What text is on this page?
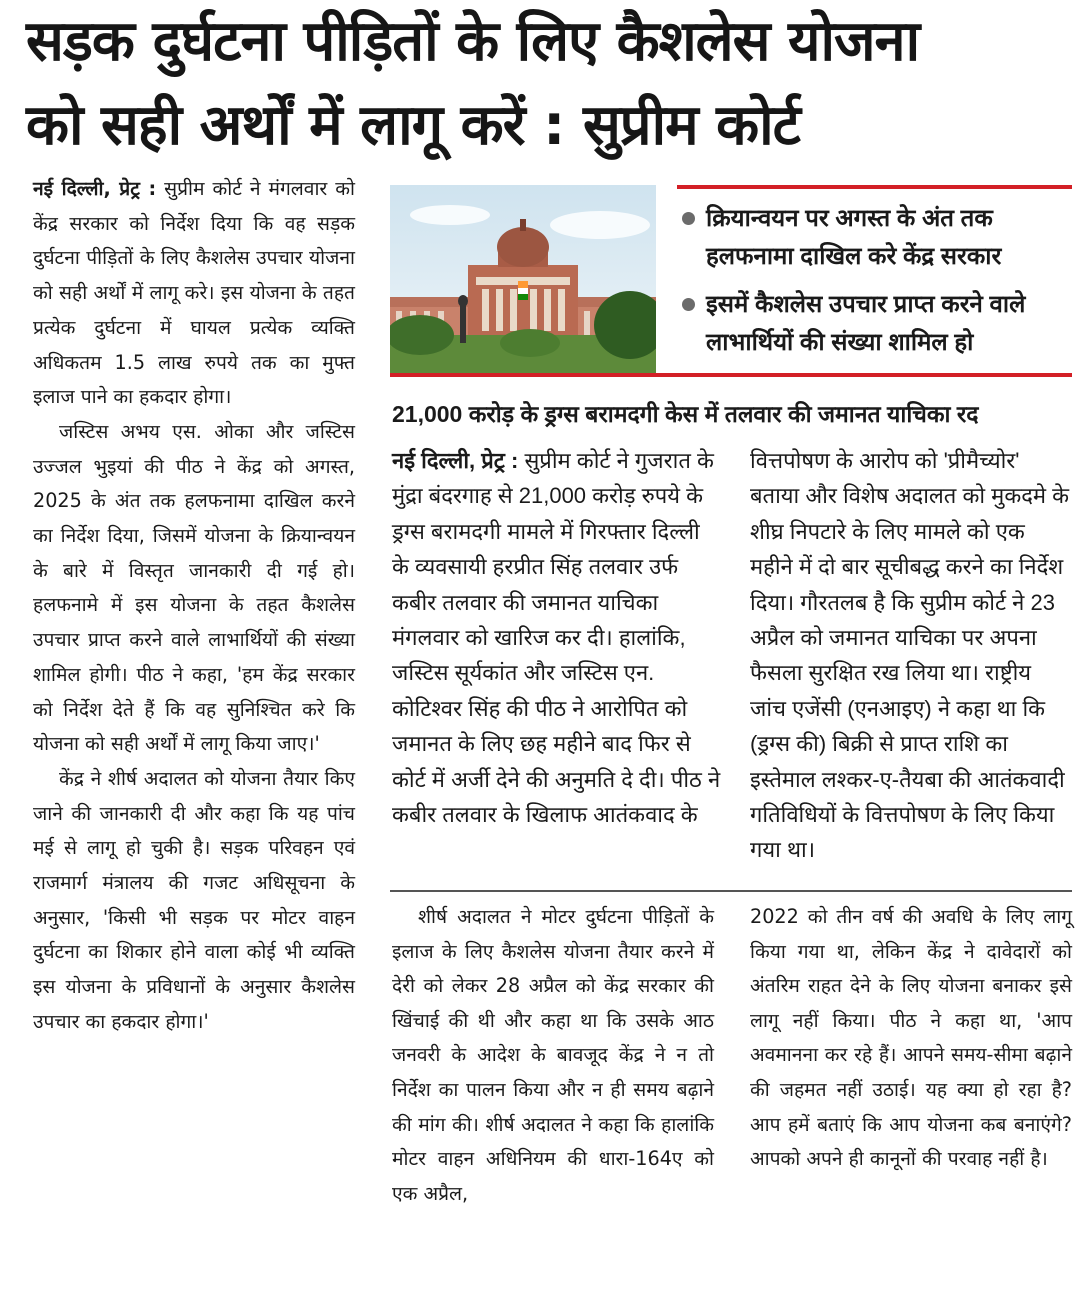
सड़क दुर्घटना पीड़ितों के लिए कैशलेस योजना
को सही अर्थों में लागू करें : सुप्रीम कोर्ट

नई दिल्ली, प्रेट्र : सुप्रीम कोर्ट ने मंगलवार को केंद्र सरकार को निर्देश दिया कि वह सड़क दुर्घटना पीड़ितों के लिए कैशलेस उपचार योजना को सही अर्थों में लागू करे। इस योजना के तहत प्रत्येक दुर्घटना में घायल प्रत्येक व्यक्ति अधिकतम 1.5 लाख रुपये तक का मुफ्त इलाज पाने का हकदार होगा।

जस्टिस अभय एस. ओका और जस्टिस उज्जल भुइयां की पीठ ने केंद्र को अगस्त, 2025 के अंत तक हलफनामा दाखिल करने का निर्देश दिया, जिसमें योजना के क्रियान्वयन के बारे में विस्तृत जानकारी दी गई हो। हलफनामे में इस योजना के तहत कैशलेस उपचार प्राप्त करने वाले लाभार्थियों की संख्या शामिल होगी। पीठ ने कहा, 'हम केंद्र सरकार को निर्देश देते हैं कि वह सुनिश्चित करे कि योजना को सही अर्थों में लागू किया जाए।'

केंद्र ने शीर्ष अदालत को योजना तैयार किए जाने की जानकारी दी और कहा कि यह पांच मई से लागू हो चुकी है। सड़क परिवहन एवं राजमार्ग मंत्रालय की गजट अधिसूचना के अनुसार, 'किसी भी सड़क पर मोटर वाहन दुर्घटना का शिकार होने वाला कोई भी व्यक्ति इस योजना के प्रविधानों के अनुसार कैशलेस उपचार का हकदार होगा।'

क्रियान्वयन पर अगस्त के अंत तक हलफनामा दाखिल करे केंद्र सरकार
इसमें कैशलेस उपचार प्राप्त करने वाले लाभार्थियों की संख्या शामिल हो
21,000 करोड़ के ड्रग्स बरामदगी केस में तलवार की जमानत याचिका रद

नई दिल्ली, प्रेट्र : सुप्रीम कोर्ट ने गुजरात के मुंद्रा बंदरगाह से 21,000 करोड़ रुपये के ड्रग्स बरामदगी मामले में गिरफ्तार दिल्ली के व्यवसायी हरप्रीत सिंह तलवार उर्फ कबीर तलवार की जमानत याचिका मंगलवार को खारिज कर दी। हालांकि, जस्टिस सूर्यकांत और जस्टिस एन. कोटिश्वर सिंह की पीठ ने आरोपित को जमानत के लिए छह महीने बाद फिर से कोर्ट में अर्जी देने की अनुमति दे दी। पीठ ने कबीर तलवार के खिलाफ आतंकवाद के

वित्तपोषण के आरोप को 'प्रीमैच्योर' बताया और विशेष अदालत को मुकदमे के शीघ्र निपटारे के लिए मामले को एक महीने में दो बार सूचीबद्ध करने का निर्देश दिया। गौरतलब है कि सुप्रीम कोर्ट ने 23 अप्रैल को जमानत याचिका पर अपना फैसला सुरक्षित रख लिया था। राष्ट्रीय जांच एजेंसी (एनआइए) ने कहा था कि (ड्रग्स की) बिक्री से प्राप्त राशि का इस्तेमाल लश्कर-ए-तैयबा की आतंकवादी गतिविधियों के वित्तपोषण के लिए किया गया था।

शीर्ष अदालत ने मोटर दुर्घटना पीड़ितों के इलाज के लिए कैशलेस योजना तैयार करने में देरी को लेकर 28 अप्रैल को केंद्र सरकार की खिंचाई की थी और कहा था कि उसके आठ जनवरी के आदेश के बावजूद केंद्र ने न तो निर्देश का पालन किया और न ही समय बढ़ाने की मांग की। शीर्ष अदालत ने कहा कि हालांकि मोटर वाहन अधिनियम की धारा-164ए को एक अप्रैल,

2022 को तीन वर्ष की अवधि के लिए लागू किया गया था, लेकिन केंद्र ने दावेदारों को अंतरिम राहत देने के लिए योजना बनाकर इसे लागू नहीं किया। पीठ ने कहा था, 'आप अवमानना कर रहे हैं। आपने समय-सीमा बढ़ाने की जहमत नहीं उठाई। यह क्या हो रहा है? आप हमें बताएं कि आप योजना कब बनाएंगे? आपको अपने ही कानूनों की परवाह नहीं है।
